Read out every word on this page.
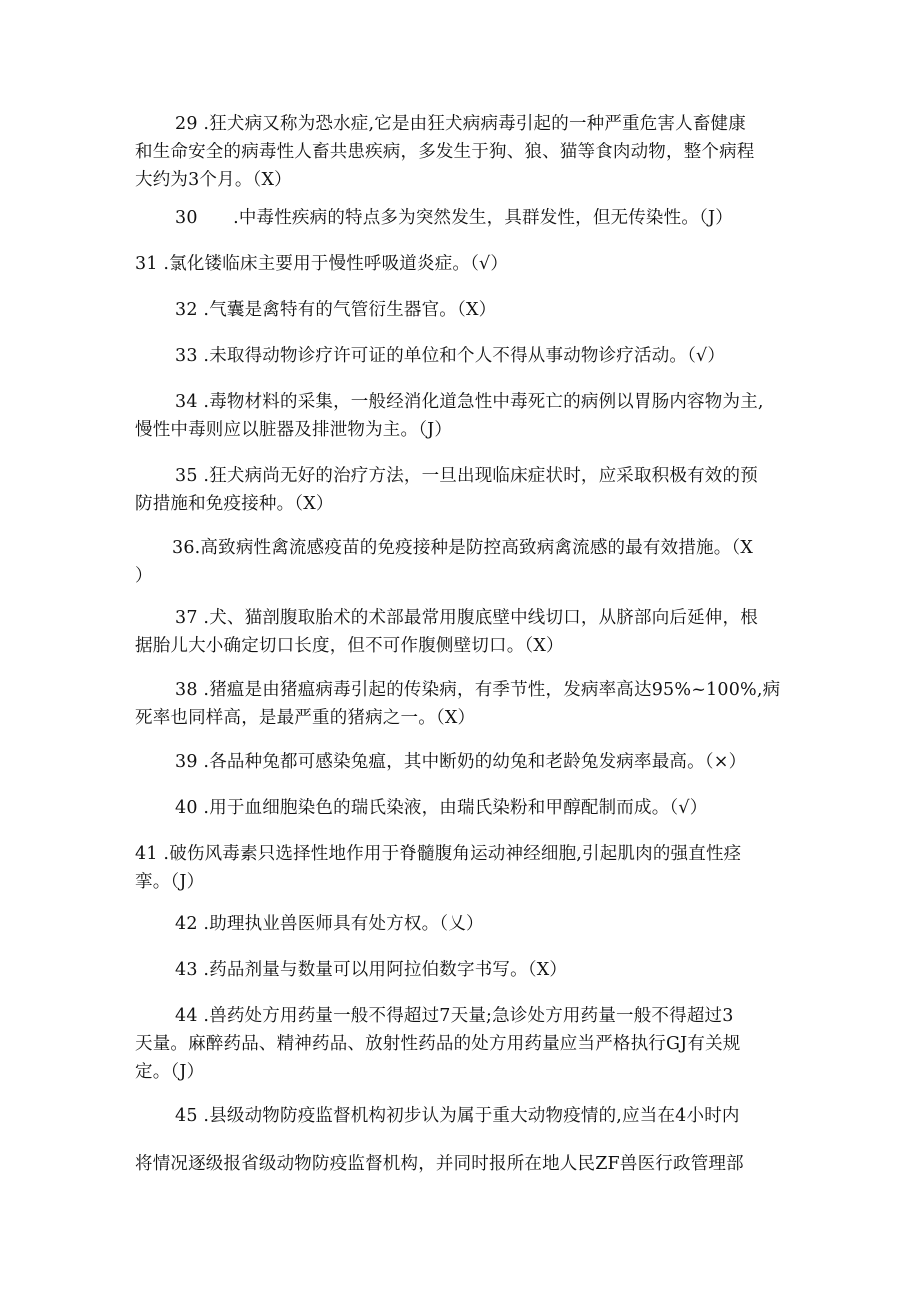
29 .狂犬病又称为恐水症,它是由狂犬病病毒引起的一种严重危害人畜健康
和生命安全的病毒性人畜共患疾病，多发生于狗、狼、猫等食肉动物，整个病程
大约为3个月。（X）
30　　.中毒性疾病的特点多为突然发生，具群发性，但无传染性。（J）
31 .氯化镂临床主要用于慢性呼吸道炎症。（√）
32 .气囊是禽特有的气管衍生器官。（X）
33 .未取得动物诊疗许可证的单位和个人不得从事动物诊疗活动。（√）
34 .毒物材料的采集，一般经消化道急性中毒死亡的病例以胃肠内容物为主,
慢性中毒则应以脏器及排泄物为主。（J）
35 .狂犬病尚无好的治疗方法，一旦出现临床症状时，应采取积极有效的预
防措施和免疫接种。（X）
36.高致病性禽流感疫苗的免疫接种是防控高致病禽流感的最有效措施。（X
）
37 .犬、猫剖腹取胎术的术部最常用腹底壁中线切口，从脐部向后延伸，根
据胎儿大小确定切口长度，但不可作腹侧壁切口。（X）
38 .猪瘟是由猪瘟病毒引起的传染病，有季节性，发病率高达95%~100%,病
死率也同样高，是最严重的猪病之一。（X）
39 .各品种兔都可感染兔瘟，其中断奶的幼兔和老龄兔发病率最高。（×）
40 .用于血细胞染色的瑞氏染液，由瑞氏染粉和甲醇配制而成。（√）
41 .破伤风毒素只选择性地作用于脊髓腹角运动神经细胞,引起肌肉的强直性痉
挛。（J）
42 .助理执业兽医师具有处方权。（乂）
43 .药品剂量与数量可以用阿拉伯数字书写。（X）
44 .兽药处方用药量一般不得超过7天量;急诊处方用药量一般不得超过3
天量。麻醉药品、精神药品、放射性药品的处方用药量应当严格执行GJ有关规
定。（J）
45 .县级动物防疫监督机构初步认为属于重大动物疫情的,应当在4小时内
将情况逐级报省级动物防疫监督机构，并同时报所在地人民ZF兽医行政管理部
